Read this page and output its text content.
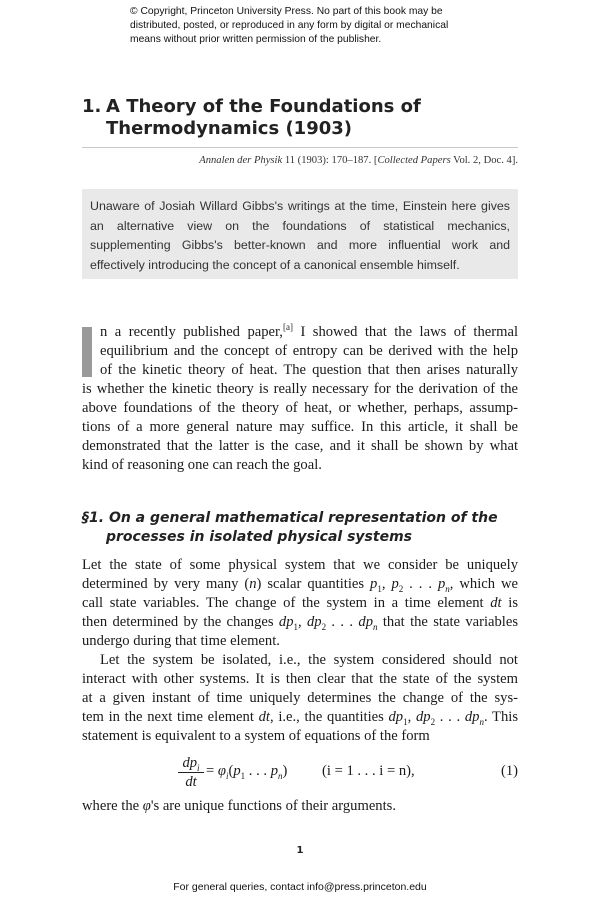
© Copyright, Princeton University Press. No part of this book may be
distributed, posted, or reproduced in any form by digital or mechanical
means without prior written permission of the publisher.
1. A Theory of the Foundations of
Thermodynamics (1903)
Annalen der Physik 11 (1903): 170–187. [Collected Papers Vol. 2, Doc. 4].
Unaware of Josiah Willard Gibbs's writings at the time, Einstein here gives an alternative view on the foundations of statistical mechanics, supplementing Gibbs's better-known and more influential work and effectively introducing the concept of a canonical ensemble himself.
n a recently published paper,[a] I showed that the laws of thermal
equilibrium and the concept of entropy can be derived with the help
of the kinetic theory of heat. The question that then arises naturally
is whether the kinetic theory is really necessary for the derivation of the
above foundations of the theory of heat, or whether, perhaps, assump-
tions of a more general nature may suffice. In this article, it shall be
demonstrated that the latter is the case, and it shall be shown by what
kind of reasoning one can reach the goal.
§1. On a general mathematical representation of the
processes in isolated physical systems
Let the state of some physical system that we consider be uniquely
determined by very many (n) scalar quantities $p_1$, $p_2$ . . . $p_n$, which we
call state variables. The change of the system in a time element dt is
then determined by the changes $dp_1$, $dp_2$ . . . $dp_n$ that the state variables
undergo during that time element.
Let the system be isolated, i.e., the system considered should not
interact with other systems. It is then clear that the state of the system
at a given instant of time uniquely determines the change of the sys-
tem in the next time element dt, i.e., the quantities $dp_1$, $dp_2$ . . . $dp_n$. This
statement is equivalent to a system of equations of the form
$dp_i$
dt
= $\varphi_i(p_1$ . . . $p_n$) (i = 1 . . . i = n),	(1)
where the φ's are unique functions of their arguments.
1
For general queries, contact info@press.princeton.edu
